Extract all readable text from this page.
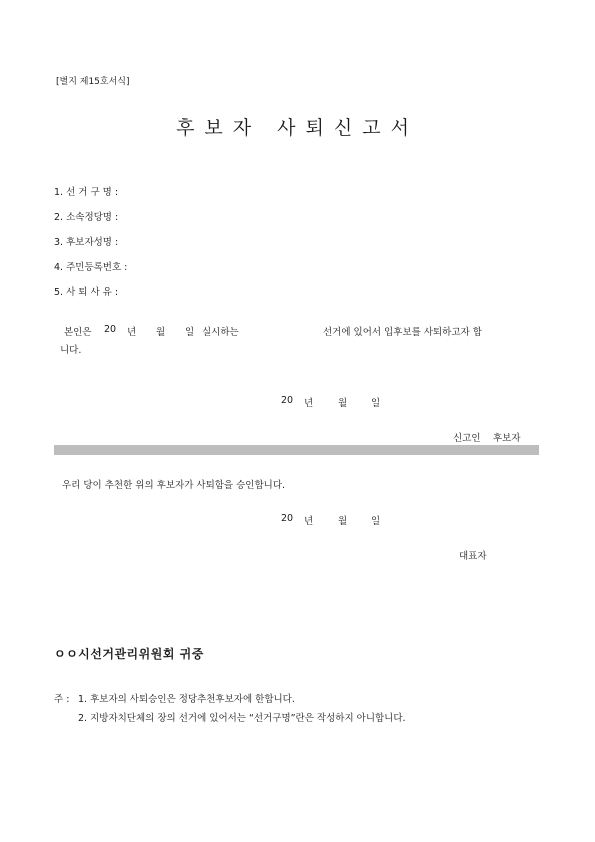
[별지 제15호서식]
후보자 사퇴신고서
1. 선 거 구 명 :
2. 소속정당명 :
3. 후보자성명 :
4. 주민등록번호 :
5. 사 퇴 사 유 :
본인은 20 년 월 일 실시하는	선거에 있어서 입후보를 사퇴하고자 합
니다.
20 년	월	일
신고인 후보자
우리 당이 추천한 위의 후보자가 사퇴함을 승인합니다.
20 년	월	일
대표자
ㅇㅇ시선거관리위원회 귀중
주 : 1. 후보자의 사퇴승인은 정당추천후보자에 한합니다.
2. 지방자치단체의 장의 선거에 있어서는 “선거구명”란은 작성하지 아니합니다.
